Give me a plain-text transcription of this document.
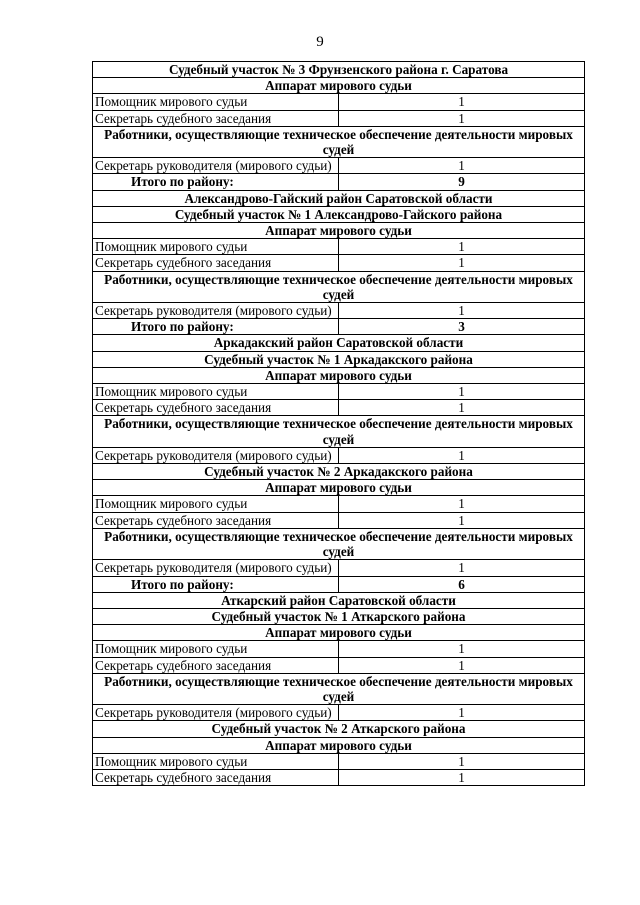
9
Судебный участок № 3 Фрунзенского района г. Саратова	
Аппарат мирового судьи	
Помощник мирового судьи	1
Секретарь судебного заседания	1
Работники, осуществляющие техническое обеспечение деятельности мировых судей	
Секретарь руководителя (мирового судьи)	1
Итого по району:	9
Александрово-Гайский район Саратовской области	
Судебный участок № 1 Александрово-Гайского района	
Аппарат мирового судьи	
Помощник мирового судьи	1
Секретарь судебного заседания	1
Работники, осуществляющие техническое обеспечение деятельности мировых судей	
Секретарь руководителя (мирового судьи)	1
Итого по району:	3
Аркадакский район Саратовской области	
Судебный участок № 1 Аркадакского района	
Аппарат мирового судьи	
Помощник мирового судьи	1
Секретарь судебного заседания	1
Работники, осуществляющие техническое обеспечение деятельности мировых судей	
Секретарь руководителя (мирового судьи)	1
Судебный участок № 2 Аркадакского района	
Аппарат мирового судьи	
Помощник мирового судьи	1
Секретарь судебного заседания	1
Работники, осуществляющие техническое обеспечение деятельности мировых судей	
Секретарь руководителя (мирового судьи)	1
Итого по району:	6
Аткарский район Саратовской области	
Судебный участок № 1 Аткарского района	
Аппарат мирового судьи	
Помощник мирового судьи	1
Секретарь судебного заседания	1
Работники, осуществляющие техническое обеспечение деятельности мировых судей	
Секретарь руководителя (мирового судьи)	1
Судебный участок № 2 Аткарского района	
Аппарат мирового судьи	
Помощник мирового судьи	1
Секретарь судебного заседания	1
